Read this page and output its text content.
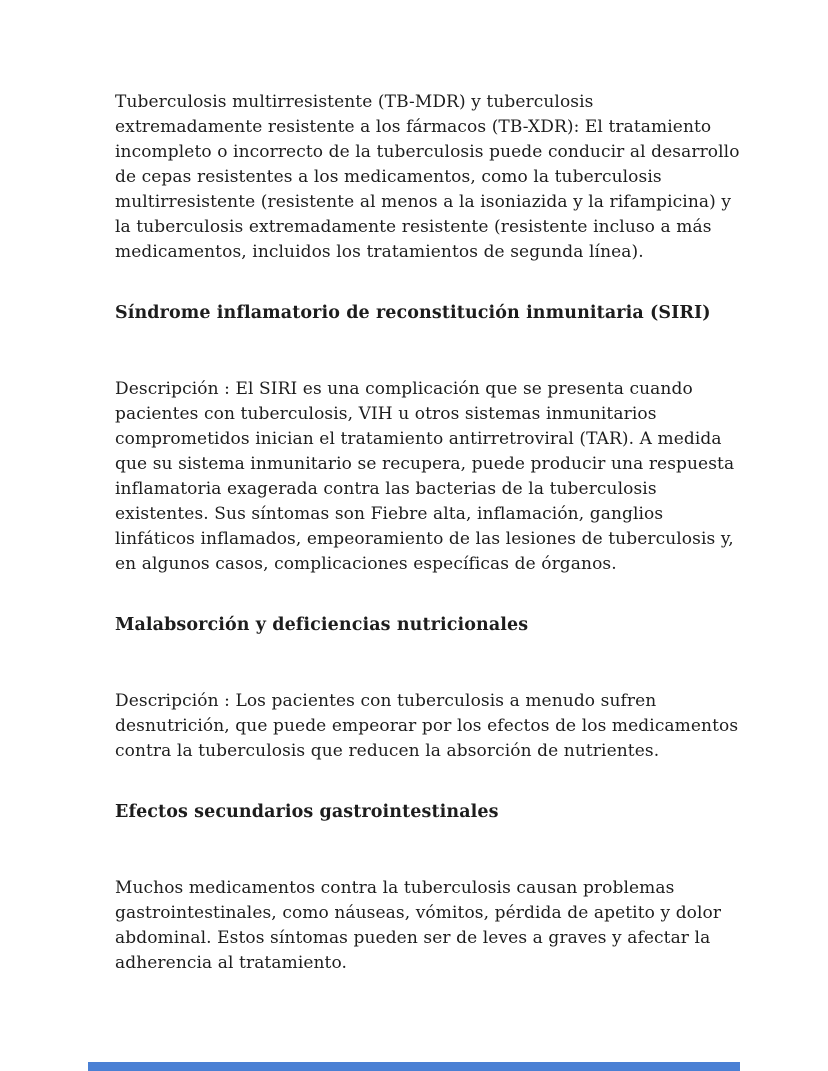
Tuberculosis multirresistente (TB-MDR) y tuberculosis extremadamente resistente a los fármacos (TB-XDR): El tratamiento incompleto o incorrecto de la tuberculosis puede conducir al desarrollo de cepas resistentes a los medicamentos, como la tuberculosis multirresistente (resistente al menos a la isoniazida y la rifampicina) y la tuberculosis extremadamente resistente (resistente incluso a más medicamentos, incluidos los tratamientos de segunda línea).

Síndrome inflamatorio de reconstitución inmunitaria (SIRI)

Descripción : El SIRI es una complicación que se presenta cuando pacientes con tuberculosis, VIH u otros sistemas inmunitarios comprometidos inician el tratamiento antirretroviral (TAR). A medida que su sistema inmunitario se recupera, puede producir una respuesta inflamatoria exagerada contra las bacterias de la tuberculosis existentes. Sus síntomas son Fiebre alta, inflamación, ganglios linfáticos inflamados, empeoramiento de las lesiones de tuberculosis y, en algunos casos, complicaciones específicas de órganos.

Malabsorción y deficiencias nutricionales

Descripción : Los pacientes con tuberculosis a menudo sufren desnutrición, que puede empeorar por los efectos de los medicamentos contra la tuberculosis que reducen la absorción de nutrientes.

Efectos secundarios gastrointestinales

Muchos medicamentos contra la tuberculosis causan problemas gastrointestinales, como náuseas, vómitos, pérdida de apetito y dolor abdominal. Estos síntomas pueden ser de leves a graves y afectar la adherencia al tratamiento.
